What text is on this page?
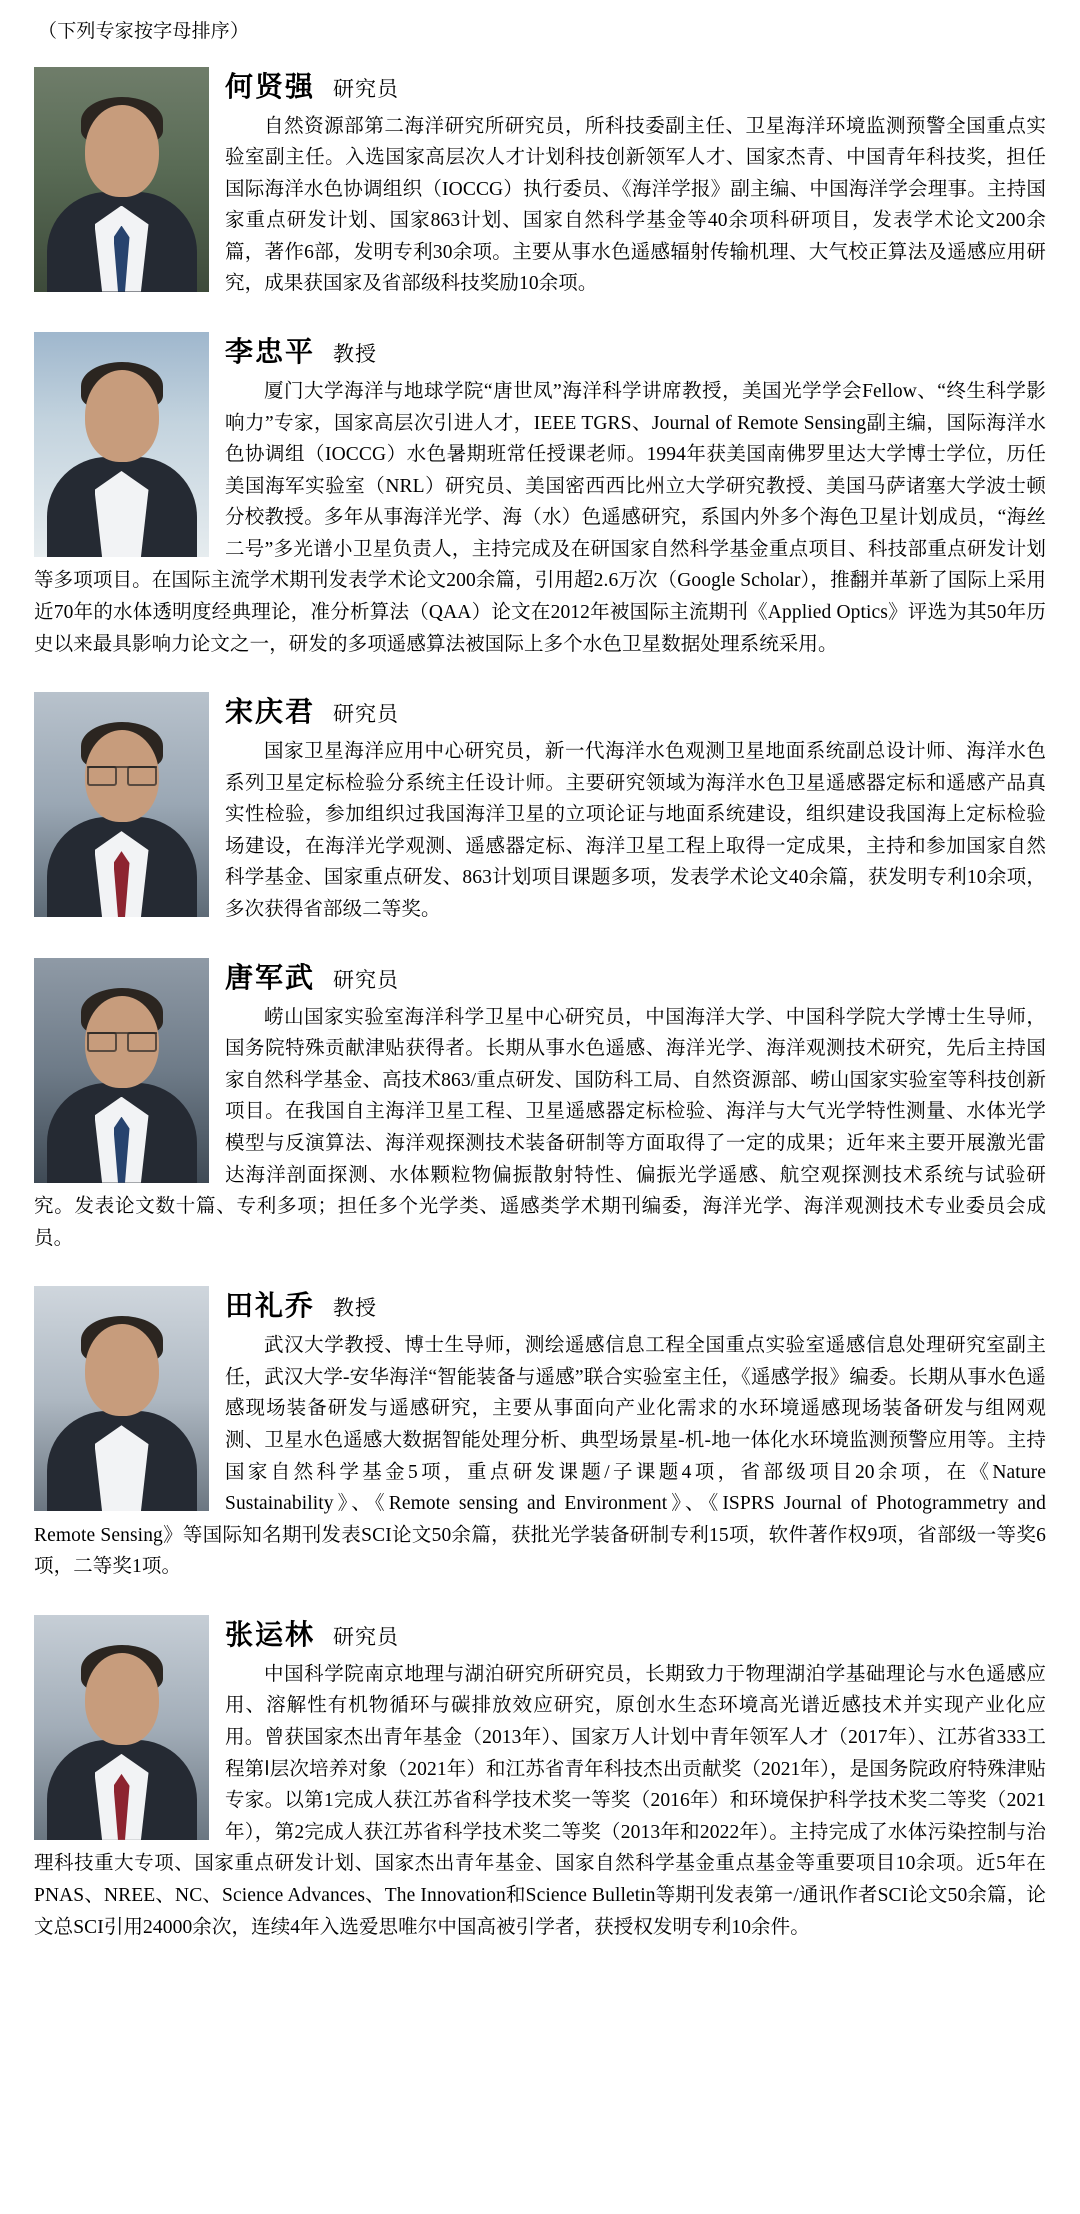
（下列专家按字母排序）
何贤强 研究员

自然资源部第二海洋研究所研究员，所科技委副主任、卫星海洋环境监测预警全国重点实验室副主任。入选国家高层次人才计划科技创新领军人才、国家杰青、中国青年科技奖，担任国际海洋水色协调组织（IOCCG）执行委员、《海洋学报》副主编、中国海洋学会理事。主持国家重点研发计划、国家863计划、国家自然科学基金等40余项科研项目，发表学术论文200余篇，著作6部，发明专利30余项。主要从事水色遥感辐射传输机理、大气校正算法及遥感应用研究，成果获国家及省部级科技奖励10余项。

李忠平 教授

厦门大学海洋与地球学院“唐世凤”海洋科学讲席教授，美国光学学会Fellow、“终生科学影响力”专家，国家高层次引进人才，IEEE TGRS、Journal of Remote Sensing副主编，国际海洋水色协调组（IOCCG）水色暑期班常任授课老师。1994年获美国南佛罗里达大学博士学位，历任美国海军实验室（NRL）研究员、美国密西西比州立大学研究教授、美国马萨诸塞大学波士顿分校教授。多年从事海洋光学、海（水）色遥感研究，系国内外多个海色卫星计划成员，“海丝二号”多光谱小卫星负责人，主持完成及在研国家自然科学基金重点项目、科技部重点研发计划等多项项目。在国际主流学术期刊发表学术论文200余篇，引用超2.6万次（Google Scholar），推翻并革新了国际上采用近70年的水体透明度经典理论，准分析算法（QAA）论文在2012年被国际主流期刊《Applied Optics》评选为其50年历史以来最具影响力论文之一，研发的多项遥感算法被国际上多个水色卫星数据处理系统采用。

宋庆君 研究员

国家卫星海洋应用中心研究员，新一代海洋水色观测卫星地面系统副总设计师、海洋水色系列卫星定标检验分系统主任设计师。主要研究领域为海洋水色卫星遥感器定标和遥感产品真实性检验，参加组织过我国海洋卫星的立项论证与地面系统建设，组织建设我国海上定标检验场建设，在海洋光学观测、遥感器定标、海洋卫星工程上取得一定成果，主持和参加国家自然科学基金、国家重点研发、863计划项目课题多项，发表学术论文40余篇，获发明专利10余项，多次获得省部级二等奖。

唐军武 研究员

崂山国家实验室海洋科学卫星中心研究员，中国海洋大学、中国科学院大学博士生导师，国务院特殊贡献津贴获得者。长期从事水色遥感、海洋光学、海洋观测技术研究，先后主持国家自然科学基金、高技术863/重点研发、国防科工局、自然资源部、崂山国家实验室等科技创新项目。在我国自主海洋卫星工程、卫星遥感器定标检验、海洋与大气光学特性测量、水体光学模型与反演算法、海洋观探测技术装备研制等方面取得了一定的成果；近年来主要开展激光雷达海洋剖面探测、水体颗粒物偏振散射特性、偏振光学遥感、航空观探测技术系统与试验研究。发表论文数十篇、专利多项；担任多个光学类、遥感类学术期刊编委，海洋光学、海洋观测技术专业委员会成员。

田礼乔 教授

武汉大学教授、博士生导师，测绘遥感信息工程全国重点实验室遥感信息处理研究室副主任，武汉大学-安华海洋“智能装备与遥感”联合实验室主任，《遥感学报》编委。长期从事水色遥感现场装备研发与遥感研究，主要从事面向产业化需求的水环境遥感现场装备研发与组网观测、卫星水色遥感大数据智能处理分析、典型场景星-机-地一体化水环境监测预警应用等。主持国家自然科学基金5项，重点研发课题/子课题4项，省部级项目20余项，在《Nature Sustainability》、《Remote sensing and Environment》、《ISPRS Journal of Photogrammetry and Remote Sensing》等国际知名期刊发表SCI论文50余篇，获批光学装备研制专利15项，软件著作权9项，省部级一等奖6项，二等奖1项。

张运林 研究员

中国科学院南京地理与湖泊研究所研究员，长期致力于物理湖泊学基础理论与水色遥感应用、溶解性有机物循环与碳排放效应研究，原创水生态环境高光谱近感技术并实现产业化应用。曾获国家杰出青年基金（2013年）、国家万人计划中青年领军人才（2017年）、江苏省333工程第ا层次培养对象（2021年）和江苏省青年科技杰出贡献奖（2021年），是国务院政府特殊津贴专家。以第1完成人获江苏省科学技术奖一等奖（2016年）和环境保护科学技术奖二等奖（2021年），第2完成人获江苏省科学技术奖二等奖（2013年和2022年）。主持完成了水体污染控制与治理科技重大专项、国家重点研发计划、国家杰出青年基金、国家自然科学基金重点基金等重要项目10余项。近5年在PNAS、NREE、NC、Science Advances、The Innovation和Science Bulletin等期刊发表第一/通讯作者SCI论文50余篇，论文总SCI引用24000余次，连续4年入选爱思唯尔中国高被引学者，获授权发明专利10余件。
